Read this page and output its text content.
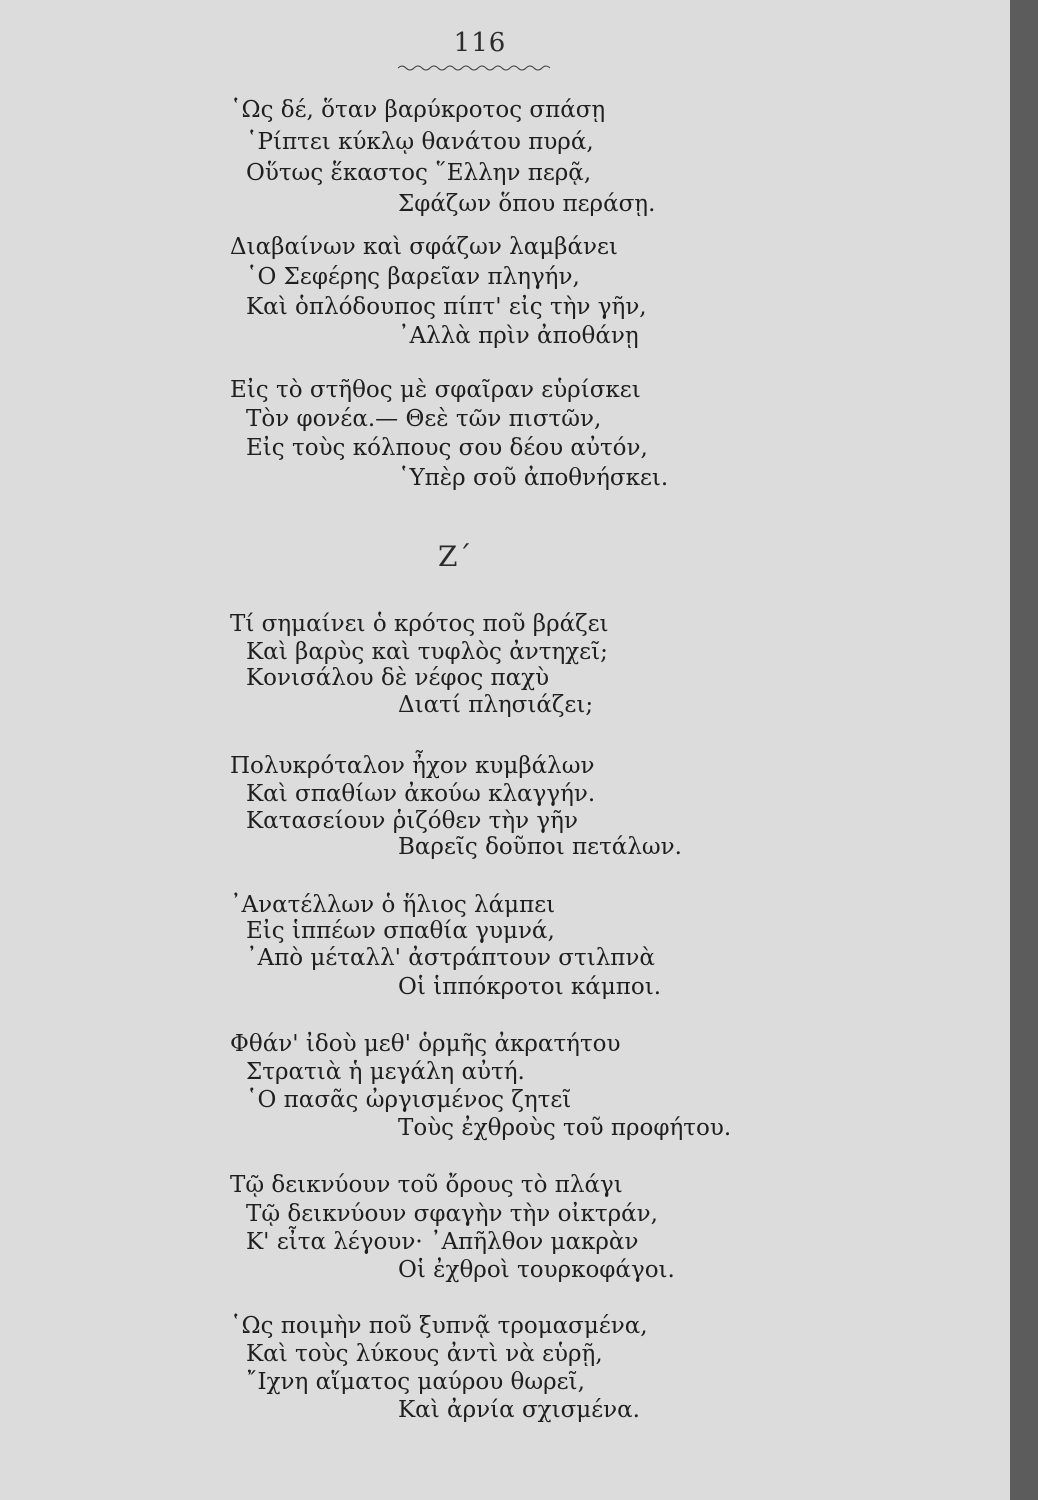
116
῾Ως δέ, ὅταν βαρύκροτος σπάσῃ
῾Ρίπτει κύκλῳ θανάτου πυρά,
Οὕτως ἕκαστος ῞Ελλην περᾷ,
Σφάζων ὅπου περάσῃ.
Διαβαίνων καὶ σφάζων λαμβάνει
῾Ο Σεφέρης βαρεῖαν πληγήν,
Καὶ ὁπλόδουπος πίπτ' εἰς τὴν γῆν,
᾿Αλλὰ πρὶν ἀποθάνῃ
Εἰς τὸ στῆθος μὲ σφαῖραν εὑρίσκει
Τὸν φονέα.— Θεὲ τῶν πιστῶν,
Εἰς τοὺς κόλπους σου δέου αὐτόν,
῾Υπὲρ σοῦ ἀποθνήσκει.
Ζ΄
Τί σημαίνει ὁ κρότος ποῦ βράζει
Καὶ βαρὺς καὶ τυφλὸς ἀντηχεῖ;
Κονισάλου δὲ νέφος παχὺ
Διατί πλησιάζει;
Πολυκρόταλον ἦχον κυμβάλων
Καὶ σπαθίων ἀκούω κλαγγήν.
Κατασείουν ῥιζόθεν τὴν γῆν
Βαρεῖς δοῦποι πετάλων.
᾿Ανατέλλων ὁ ἥλιος λάμπει
Εἰς ἱππέων σπαθία γυμνά,
᾿Απὸ μέταλλ' ἀστράπτουν στιλπνὰ
Οἱ ἱππόκροτοι κάμποι.
Φθάν' ἰδοὺ μεθ' ὁρμῆς ἀκρατήτου
Στρατιὰ ἡ μεγάλη αὐτή.
῾Ο πασᾶς ὠργισμένος ζητεῖ
Τοὺς ἐχθροὺς τοῦ προφήτου.
Τῷ δεικνύουν τοῦ ὄρους τὸ πλάγι
Τῷ δεικνύουν σφαγὴν τὴν οἰκτράν,
Κ' εἶτα λέγουν· ᾿Απῆλθον μακρὰν
Οἱ ἐχθροὶ τουρκοφάγοι.
῾Ως ποιμὴν ποῦ ξυπνᾷ τρομασμένα,
Καὶ τοὺς λύκους ἀντὶ νὰ εὑρῇ,
῎Ιχνη αἵματος μαύρου θωρεῖ,
Καὶ ἀρνία σχισμένα.
